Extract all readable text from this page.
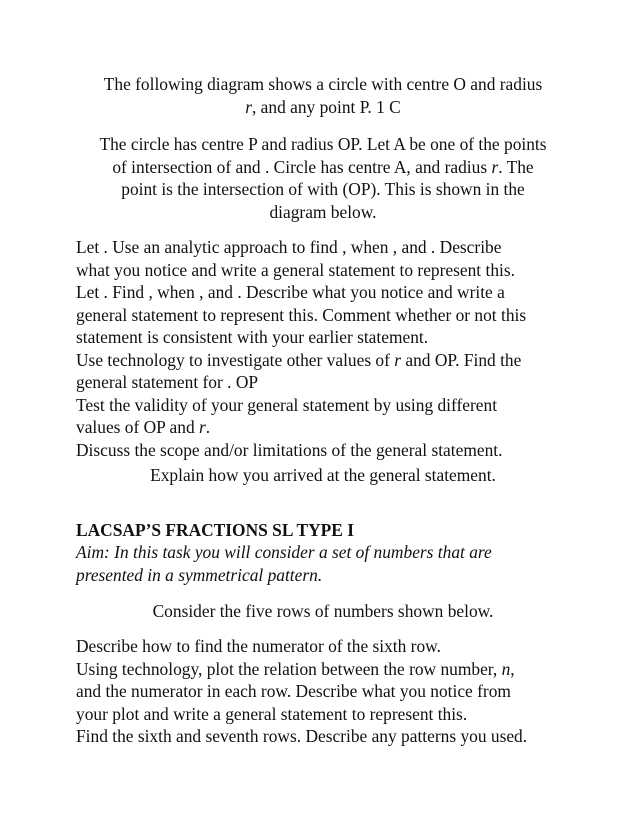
The following diagram shows a circle with centre O and radius
r, and any point P. 1 C
The circle has centre P and radius OP. Let A be one of the points
of intersection of and . Circle has centre A, and radius r. The
point is the intersection of with (OP). This is shown in the
diagram below.
Let . Use an analytic approach to find , when , and . Describe
what you notice and write a general statement to represent this.
Let . Find , when , and . Describe what you notice and write a
general statement to represent this. Comment whether or not this
statement is consistent with your earlier statement.
Use technology to investigate other values of r and OP. Find the
general statement for . OP
Test the validity of your general statement by using different
values of OP and r.
Discuss the scope and/or limitations of the general statement.
Explain how you arrived at the general statement.
LACSAP’S FRACTIONS SL TYPE I
Aim: In this task you will consider a set of numbers that are
presented in a symmetrical pattern.
Consider the five rows of numbers shown below.
Describe how to find the numerator of the sixth row.
Using technology, plot the relation between the row number, n,
and the numerator in each row. Describe what you notice from
your plot and write a general statement to represent this.
Find the sixth and seventh rows. Describe any patterns you used.
